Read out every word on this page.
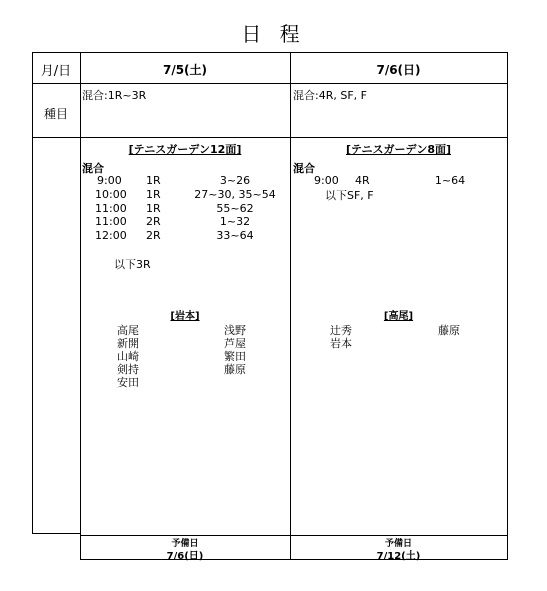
日 程
月/日	7/5(土)	7/6(日)
種目
混合:1R~3R	混合:4R, SF, F
[テニスガーデン12面]
混合
9:00 1R	3~26
10:00 1R	27~30, 35~54
11:00 1R	55~62
11:00 2R	1~32
12:00 2R	33~64
以下3R
[岩本]
高尾
新開
山崎
剣持
安田
浅野
芦屋
繁田
藤原
[テニスガーデン8面]
混合
9:00 4R	1~64
以下SF, F
[高尾]
辻秀
岩本
藤原
予備日
7/6(日)
予備日
7/12(土)
